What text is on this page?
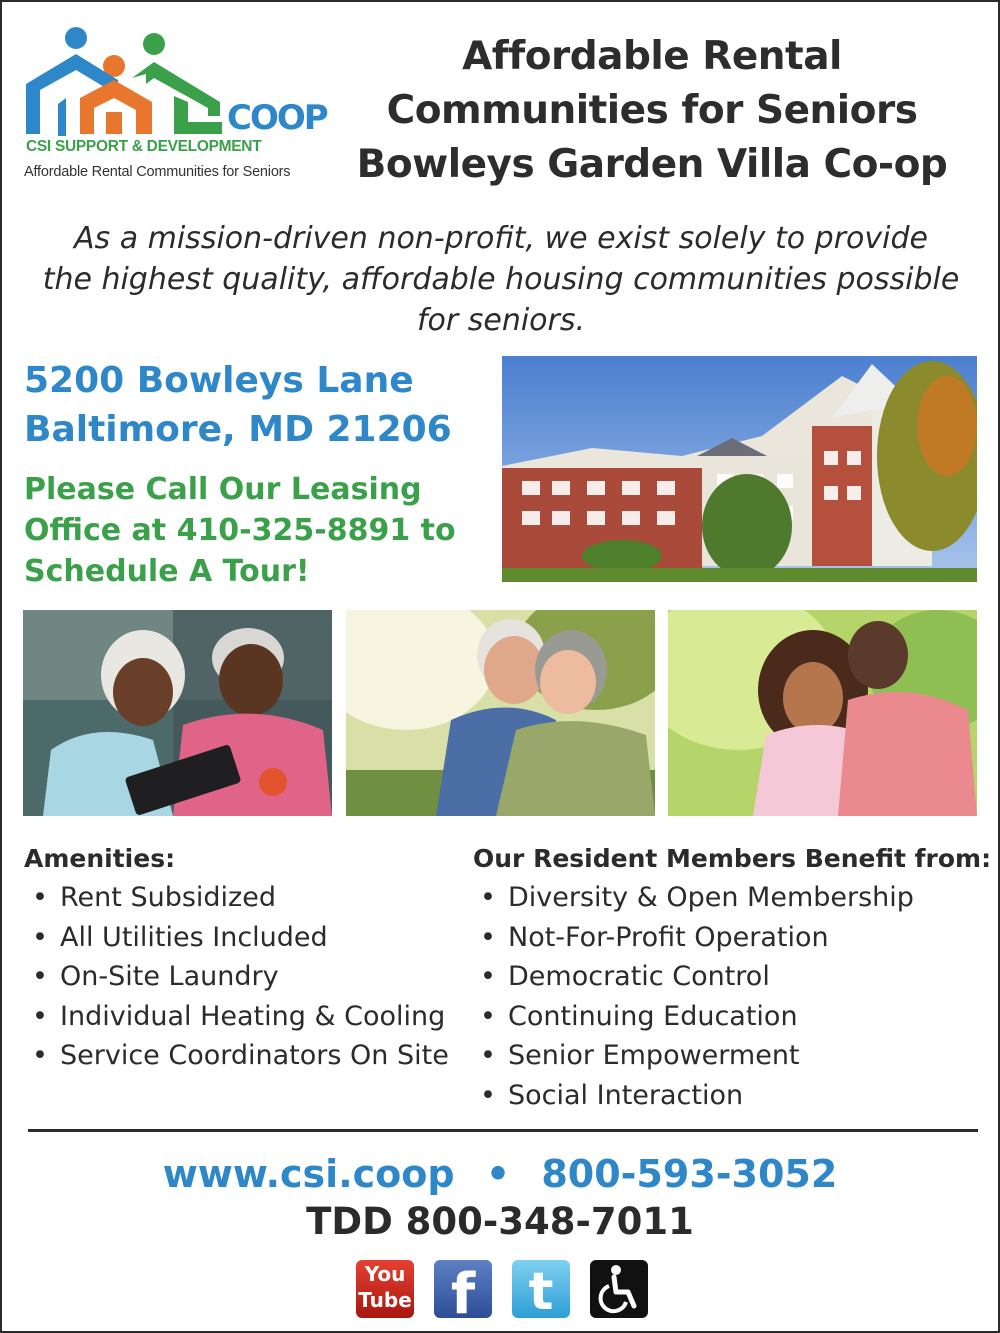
COOP
CSI SUPPORT & DEVELOPMENT
Affordable Rental Communities for Seniors
Affordable Rental
Communities for Seniors
Bowleys Garden Villa Co-op
As a mission-driven non-profit, we exist solely to provide
the highest quality, affordable housing communities possible
for seniors.
5200 Bowleys Lane
Baltimore, MD 21206
Please Call Our Leasing Office at 410-325-8891 to Schedule A Tour!
Amenities:
• Rent Subsidized
• All Utilities Included
• On-Site Laundry
• Individual Heating & Cooling
• Service Coordinators On Site
Our Resident Members Benefit from:
• Diversity & Open Membership
• Not-For-Profit Operation
• Democratic Control
• Continuing Education
• Senior Empowerment
• Social Interaction
www.csi.coop • 800-593-3052
TDD 800-348-7011
You
Tube f	t
